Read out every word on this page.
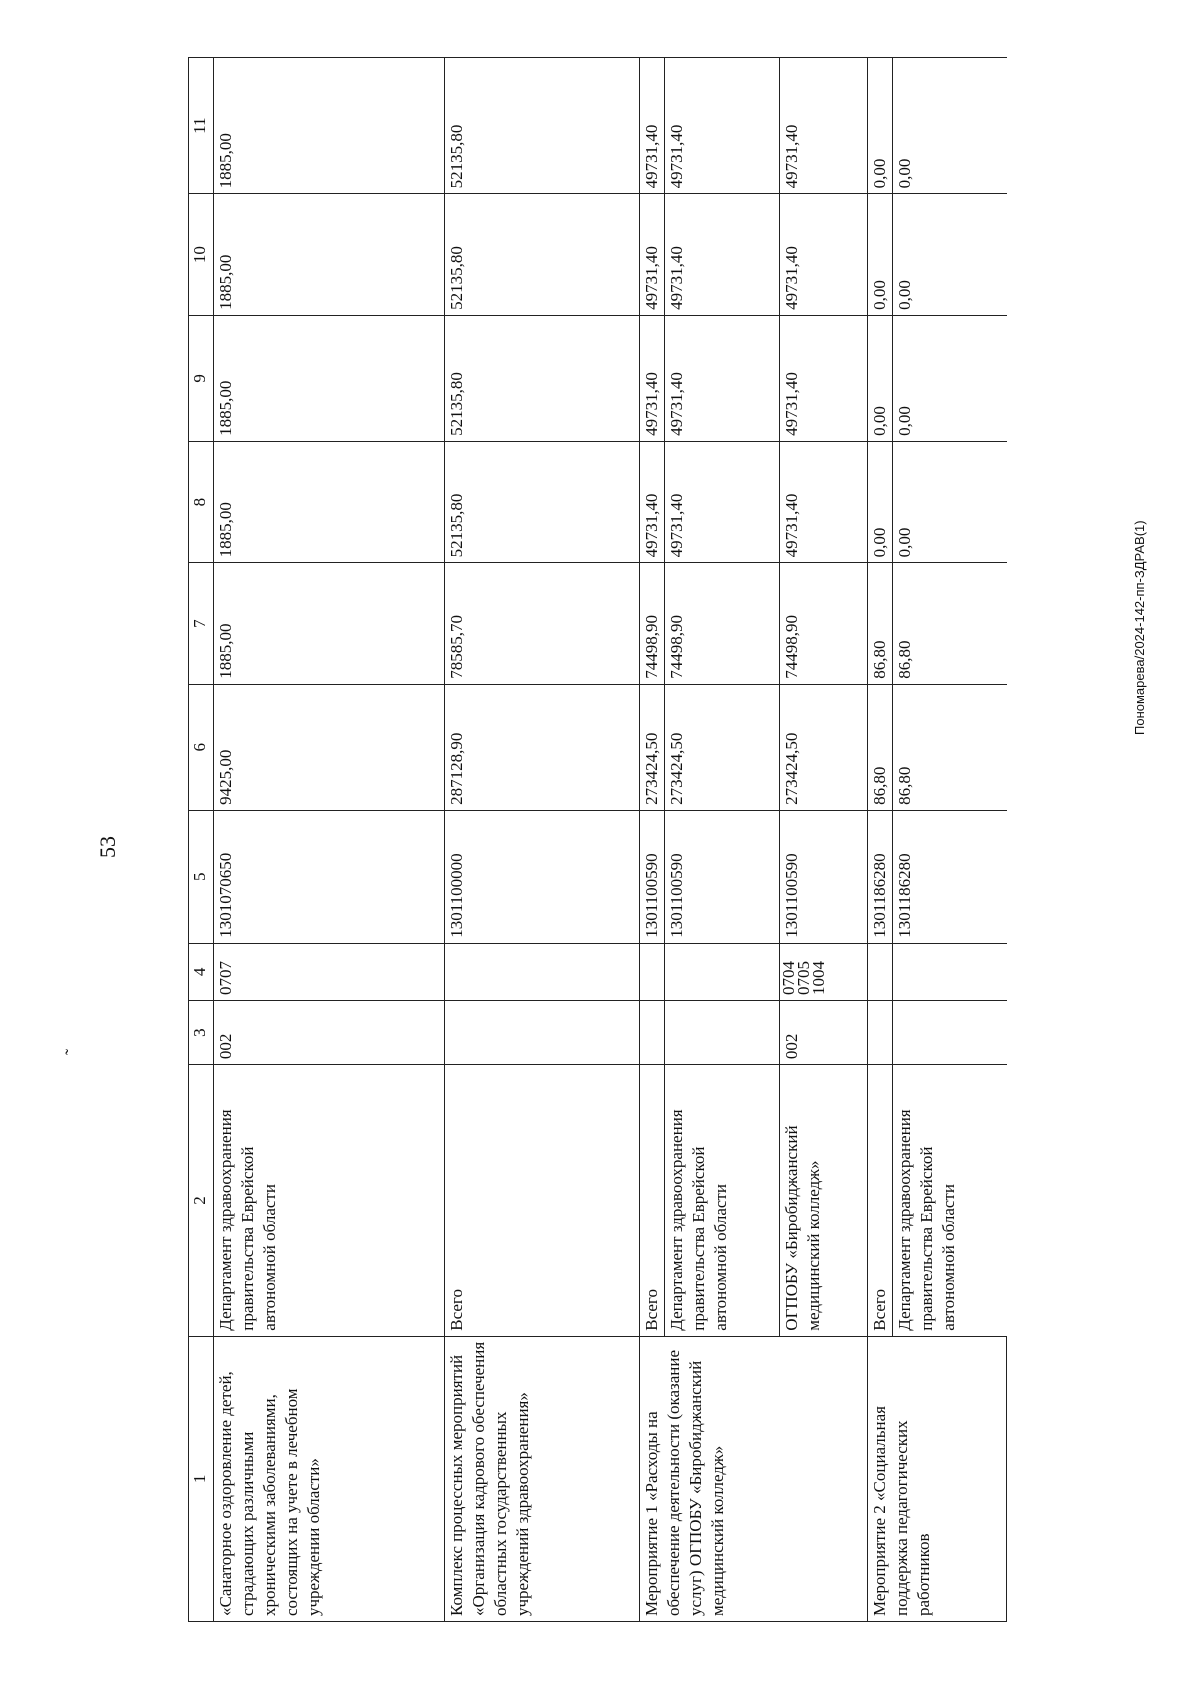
53
˜
Пономарева/2024-142-пп-ЗДРАВ(1)
1	2	3	4	5	6	7	8	9	10	11
«Санаторное оздоровление детей, страдающих различными хроническими заболеваниями, состоящих на учете в лечебном учреждении области»	Департамент здравоохранения правительства Еврейской автономной области	002	0707	1301070650	9425,00	1885,00	1885,00	1885,00	1885,00	1885,00
Комплекс процессных мероприятий «Организация кадрового обеспечения областных государственных учреждений здравоохранения»	Всего			1301100000	287128,90	78585,70	52135,80	52135,80	52135,80	52135,80
Мероприятие 1 «Расходы на обеспечение деятельности (оказание услуг) ОГПОБУ «Биробиджанский медицинский колледж»	Всего			1301100590	273424,50	74498,90	49731,40	49731,40	49731,40	49731,40
	Департамент здравоохранения правительства Еврейской автономной области			1301100590	273424,50	74498,90	49731,40	49731,40	49731,40	49731,40
	ОГПОБУ «Биробиджанский медицинский колледж»	002	0704
0705
1004	1301100590	273424,50	74498,90	49731,40	49731,40	49731,40	49731,40
Мероприятие 2 «Социальная поддержка педагогических работников	Всего			1301186280	86,80	86,80	0,00	0,00	0,00	0,00
	Департамент здравоохранения правительства Еврейской автономной области			1301186280	86,80	86,80	0,00	0,00	0,00	0,00
